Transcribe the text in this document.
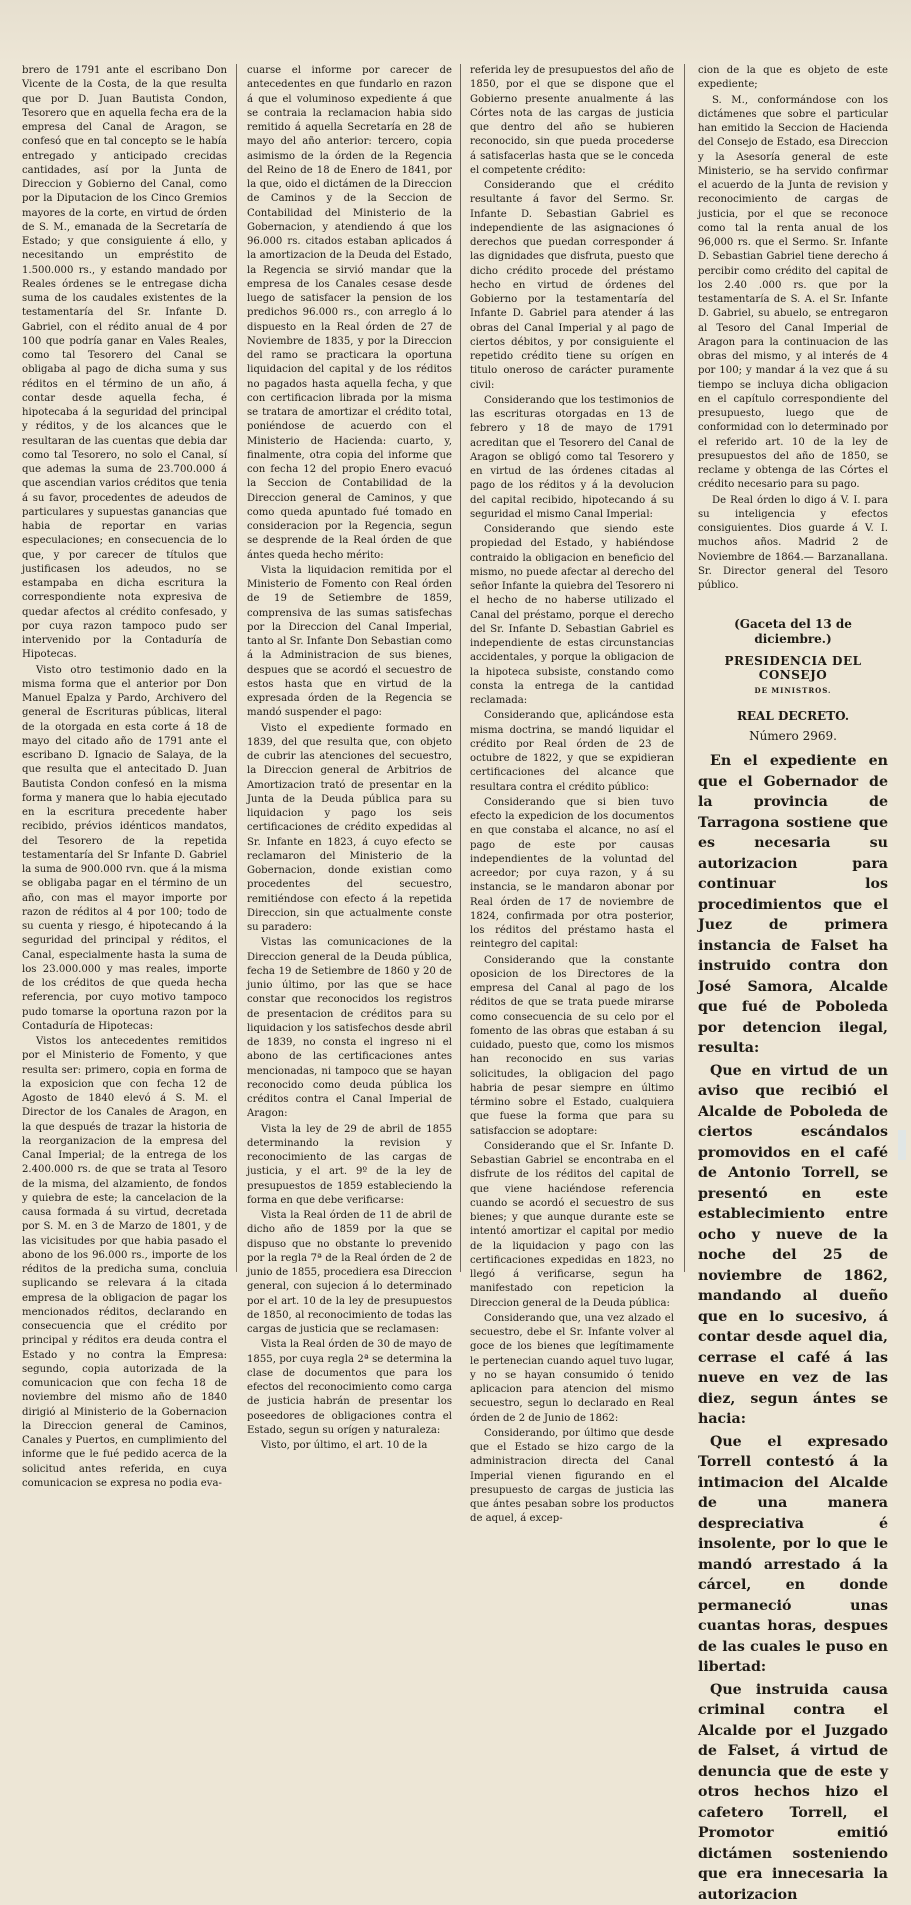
brero de 1791 ante el escribano Don Vicente de la Costa, de la que resulta que por D. Juan Bautista Condon, Tesorero que en aquella fecha era de la empresa del Canal de Aragon, se confesó que en tal concepto se le había entregado y anticipado crecidas cantidades, así por la Junta de Direccion y Gobierno del Canal, como por la Diputacion de los Cinco Gremios mayores de la corte, en virtud de órden de S. M., emanada de la Secretaría de Estado; y que consiguiente á ello, y necesitando un empréstito de 1.500.000 rs., y estando mandado por Reales órdenes se le entregase dicha suma de los caudales existentes de la testamentaría del Sr. Infante D. Gabriel, con el rédito anual de 4 por 100 que podría ganar en Vales Reales, como tal Tesorero del Canal se obligaba al pago de dicha suma y sus réditos en el término de un año, á contar desde aquella fecha, é hipotecaba á la seguridad del principal y réditos, y de los alcances que le resultaran de las cuentas que debia dar como tal Tesorero, no solo el Canal, sí que ademas la suma de 23.700.000 á que ascendian varios créditos que tenia á su favor, procedentes de adeudos de particulares y supuestas ganancias que habia de reportar en varias especulaciones; en consecuencia de lo que, y por carecer de títulos que justificasen los adeudos, no se estampaba en dicha escritura la correspondiente nota expresiva de quedar afectos al crédito confesado, y por cuya razon tampoco pudo ser intervenido por la Contaduría de Hipotecas.

Visto otro testimonio dado en la misma forma que el anterior por Don Manuel Epalza y Pardo, Archivero del general de Escrituras públicas, literal de la otorgada en esta corte á 18 de mayo del citado año de 1791 ante el escribano D. Ignacio de Salaya, de la que resulta que el antecitado D. Juan Bautista Condon confesó en la misma forma y manera que lo habia ejecutado en la escritura precedente haber recibido, prévios idénticos mandatos, del Tesorero de la repetida testamentaría del Sr Infante D. Gabriel la suma de 900.000 rvn. que á la misma se obligaba pagar en el término de un año, con mas el mayor importe por razon de réditos al 4 por 100; todo de su cuenta y riesgo, é hipotecando á la seguridad del principal y réditos, el Canal, especialmente hasta la suma de los 23.000.000 y mas reales, importe de los créditos de que queda hecha referencia, por cuyo motivo tampoco pudo tomarse la oportuna razon por la Contaduría de Hipotecas:

Vistos los antecedentes remitidos por el Ministerio de Fomento, y que resulta ser: primero, copia en forma de la exposicion que con fecha 12 de Agosto de 1840 elevó á S. M. el Director de los Canales de Aragon, en la que después de trazar la historia de la reorganizacion de la empresa del Canal Imperial; de la entrega de los 2.400.000 rs. de que se trata al Tesoro de la misma, del alzamiento, de fondos y quiebra de este; la cancelacion de la causa formada á su virtud, decretada por S. M. en 3 de Marzo de 1801, y de las vicisitudes por que habia pasado el abono de los 96.000 rs., importe de los réditos de la predicha suma, concluia suplicando se relevara á la citada empresa de la obligacion de pagar los mencionados réditos, declarando en consecuencia que el crédito por principal y réditos era deuda contra el Estado y no contra la Empresa: segundo, copia autorizada de la comunicacion que con fecha 18 de noviembre del mismo año de 1840 dirigió al Ministerio de la Gobernacion la Direccion general de Caminos, Canales y Puertos, en cumplimiento del informe que le fué pedido acerca de la solicitud antes referida, en cuya comunicacion se expresa no podia eva-

cuarse el informe por carecer de antecedentes en que fundarlo en razon á que el voluminoso expediente á que se contraia la reclamacion habia sido remitido á aquella Secretaría en 28 de mayo del año anterior: tercero, copia asimismo de la órden de la Regencia del Reino de 18 de Enero de 1841, por la que, oido el dictámen de la Direccion de Caminos y de la Seccion de Contabilidad del Ministerio de la Gobernacion, y atendiendo á que los 96.000 rs. citados estaban aplicados á la amortizacion de la Deuda del Estado, la Regencia se sirvió mandar que la empresa de los Canales cesase desde luego de satisfacer la pension de los predichos 96.000 rs., con arreglo á lo dispuesto en la Real órden de 27 de Noviembre de 1835, y por la Direccion del ramo se practicara la oportuna liquidacion del capital y de los réditos no pagados hasta aquella fecha, y que con certificacion librada por la misma se tratara de amortizar el crédito total, poniéndose de acuerdo con el Ministerio de Hacienda: cuarto, y, finalmente, otra copia del informe que con fecha 12 del propio Enero evacuó la Seccion de Contabilidad de la Direccion general de Caminos, y que como queda apuntado fué tomado en consideracion por la Regencia, segun se desprende de la Real órden de que ántes queda hecho mérito:

Vista la liquidacion remitida por el Ministerio de Fomento con Real órden de 19 de Setiembre de 1859, comprensiva de las sumas satisfechas por la Direccion del Canal Imperial, tanto al Sr. Infante Don Sebastian como á la Administracion de sus bienes, despues que se acordó el secuestro de estos hasta que en virtud de la expresada órden de la Regencia se mandó suspender el pago:

Visto el expediente formado en 1839, del que resulta que, con objeto de cubrir las atenciones del secuestro, la Direccion general de Arbitrios de Amortizacion trató de presentar en la Junta de la Deuda pública para su liquidacion y pago los seis certificaciones de crédito expedidas al Sr. Infante en 1823, á cuyo efecto se reclamaron del Ministerio de la Gobernacion, donde existian como procedentes del secuestro, remitiéndose con efecto á la repetida Direccion, sin que actualmente conste su paradero:

Vistas las comunicaciones de la Direccion general de la Deuda pública, fecha 19 de Setiembre de 1860 y 20 de junio último, por las que se hace constar que reconocidos los registros de presentacion de créditos para su liquidacion y los satisfechos desde abril de 1839, no consta el ingreso ni el abono de las certificaciones antes mencionadas, ni tampoco que se hayan reconocido como deuda pública los créditos contra el Canal Imperial de Aragon:

Vista la ley de 29 de abril de 1855 determinando la revision y reconocimiento de las cargas de justicia, y el art. 9º de la ley de presupuestos de 1859 estableciendo la forma en que debe verificarse:

Vista la Real órden de 11 de abril de dicho año de 1859 por la que se dispuso que no obstante lo prevenido por la regla 7ª de la Real órden de 2 de junio de 1855, procediera esa Direccion general, con sujecion á lo determinado por el art. 10 de la ley de presupuestos de 1850, al reconocimiento de todas las cargas de justicia que se reclamasen:

Vista la Real órden de 30 de mayo de 1855, por cuya regla 2ª se determina la clase de documentos que para los efectos del reconocimiento como carga de justicia habrán de presentar los poseedores de obligaciones contra el Estado, segun su orígen y naturaleza:

Visto, por último, el art. 10 de la

referida ley de presupuestos del año de 1850, por el que se dispone que el Gobierno presente anualmente á las Córtes nota de las cargas de justicia que dentro del año se hubieren reconocido, sin que pueda procederse á satisfacerlas hasta que se le conceda el competente crédito:

Considerando que el crédito resultante á favor del Sermo. Sr. Infante D. Sebastian Gabriel es independiente de las asignaciones ó derechos que puedan corresponder á las dignidades que disfruta, puesto que dicho crédito procede del préstamo hecho en virtud de órdenes del Gobierno por la testamentaría del Infante D. Gabriel para atender á las obras del Canal Imperial y al pago de ciertos débitos, y por consiguiente el repetido crédito tiene su orígen en titulo oneroso de carácter puramente civil:

Considerando que los testimonios de las escrituras otorgadas en 13 de febrero y 18 de mayo de 1791 acreditan que el Tesorero del Canal de Aragon se obligó como tal Tesorero y en virtud de las órdenes citadas al pago de los réditos y á la devolucion del capital recibido, hipotecando á su seguridad el mismo Canal Imperial:

Considerando que siendo este propiedad del Estado, y habiéndose contraido la obligacion en beneficio del mismo, no puede afectar al derecho del señor Infante la quiebra del Tesorero ni el hecho de no haberse utilizado el Canal del préstamo, porque el derecho del Sr. Infante D. Sebastian Gabriel es independiente de estas circunstancias accidentales, y porque la obligacion de la hipoteca subsiste, constando como consta la entrega de la cantidad reclamada:

Considerando que, aplicándose esta misma doctrina, se mandó liquidar el crédito por Real órden de 23 de octubre de 1822, y que se expidieran certificaciones del alcance que resultara contra el crédito público:

Considerando que si bien tuvo efecto la expedicion de los documentos en que constaba el alcance, no así el pago de este por causas independientes de la voluntad del acreedor; por cuya razon, y á su instancia, se le mandaron abonar por Real órden de 17 de noviembre de 1824, confirmada por otra posterior, los réditos del préstamo hasta el reintegro del capital:

Considerando que la constante oposicion de los Directores de la empresa del Canal al pago de los réditos de que se trata puede mirarse como consecuencia de su celo por el fomento de las obras que estaban á su cuidado, puesto que, como los mismos han reconocido en sus varias solicitudes, la obligacion del pago habria de pesar siempre en último término sobre el Estado, cualquiera que fuese la forma que para su satisfaccion se adoptare:

Considerando que el Sr. Infante D. Sebastian Gabriel se encontraba en el disfrute de los réditos del capital de que viene haciéndose referencia cuando se acordó el secuestro de sus bienes; y que aunque durante este se intentó amortizar el capital por medio de la liquidacion y pago con las certificaciones expedidas en 1823, no llegó á verificarse, segun ha manifestado con repeticion la Direccion general de la Deuda pública:

Considerando que, una vez alzado el secuestro, debe el Sr. Infante volver al goce de los bienes que legítimamente le pertenecian cuando aquel tuvo lugar, y no se hayan consumido ó tenido aplicacion para atencion del mismo secuestro, segun lo declarado en Real órden de 2 de Junio de 1862:

Considerando, por último que desde que el Estado se hizo cargo de la administracion directa del Canal Imperial vienen figurando en el presupuesto de cargas de justicia las que ántes pesaban sobre los productos de aquel, á excep-

cion de la que es objeto de este expediente;

S. M., conformándose con los dictámenes que sobre el particular han emitido la Seccion de Hacienda del Consejo de Estado, esa Direccion y la Asesoría general de este Ministerio, se ha servido confirmar el acuerdo de la Junta de revision y reconocimiento de cargas de justicia, por el que se reconoce como tal la renta anual de los 96,000 rs. que el Sermo. Sr. Infante D. Sebastian Gabriel tiene derecho á percibir como crédito del capital de los 2.40 .000 rs. que por la testamentaría de S. A. el Sr. Infante D. Gabriel, su abuelo, se entregaron al Tesoro del Canal Imperial de Aragon para la continuacion de las obras del mismo, y al interés de 4 por 100; y mandar á la vez que á su tiempo se incluya dicha obligacion en el capítulo correspondiente del presupuesto, luego que de conformidad con lo determinado por el referido art. 10 de la ley de presupuestos del año de 1850, se reclame y obtenga de las Córtes el crédito necesario para su pago.

De Real órden lo digo á V. I. para su inteligencia y efectos consiguientes. Dios guarde á V. I. muchos años. Madrid 2 de Noviembre de 1864.— Barzanallana. Sr. Director general del Tesoro público.

(Gaceta del 13 de diciembre.)
PRESIDENCIA DEL CONSEJO
DE MINISTROS.
REAL DECRETO.
Número 2969.

En el expediente en que el Gobernador de la provincia de Tarragona sostiene que es necesaria su autorizacion para continuar los procedimientos que el Juez de primera instancia de Falset ha instruido contra don José Samora, Alcalde que fué de Poboleda por detencion ilegal, resulta:

Que en virtud de un aviso que recibió el Alcalde de Poboleda de ciertos escándalos promovidos en el café de Antonio Torrell, se presentó en este establecimiento entre ocho y nueve de la noche del 25 de noviembre de 1862, mandando al dueño que en lo sucesivo, á contar desde aquel dia, cerrase el café á las nueve en vez de las diez, segun ántes se hacia:

Que el expresado Torrell contestó á la intimacion del Alcalde de una manera despreciativa é insolente, por lo que le mandó arrestado á la cárcel, en donde permaneció unas cuantas horas, despues de las cuales le puso en libertad:

Que instruida causa criminal contra el Alcalde por el Juzgado de Falset, á virtud de denuncia que de este y otros hechos hizo el cafetero Torrell, el Promotor emitió dictámen sosteniendo que era innecesaria la autorizacion
